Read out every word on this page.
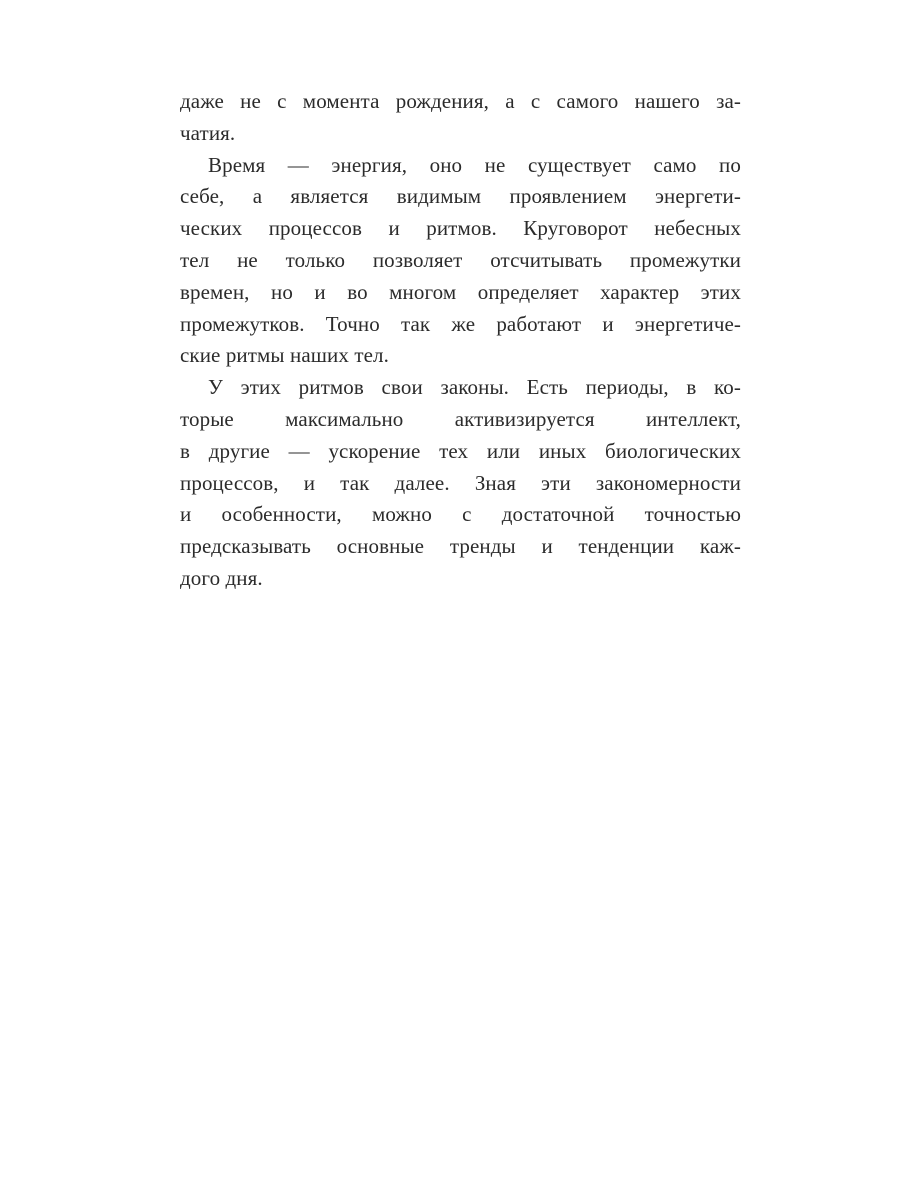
даже не с момента рождения, а с самого нашего за-
чатия.
Время — энергия, оно не существует само по
себе, а является видимым проявлением энергети-
ческих процессов и ритмов. Круговорот небесных
тел не только позволяет отсчитывать промежутки
времен, но и во многом определяет характер этих
промежутков. Точно так же работают и энергетиче-
ские ритмы наших тел.
У этих ритмов свои законы. Есть периоды, в ко-
торые максимально активизируется интеллект,
в другие — ускорение тех или иных биологических
процессов, и так далее. Зная эти закономерности
и особенности, можно с достаточной точностью
предсказывать основные тренды и тенденции каж-
дого дня.
